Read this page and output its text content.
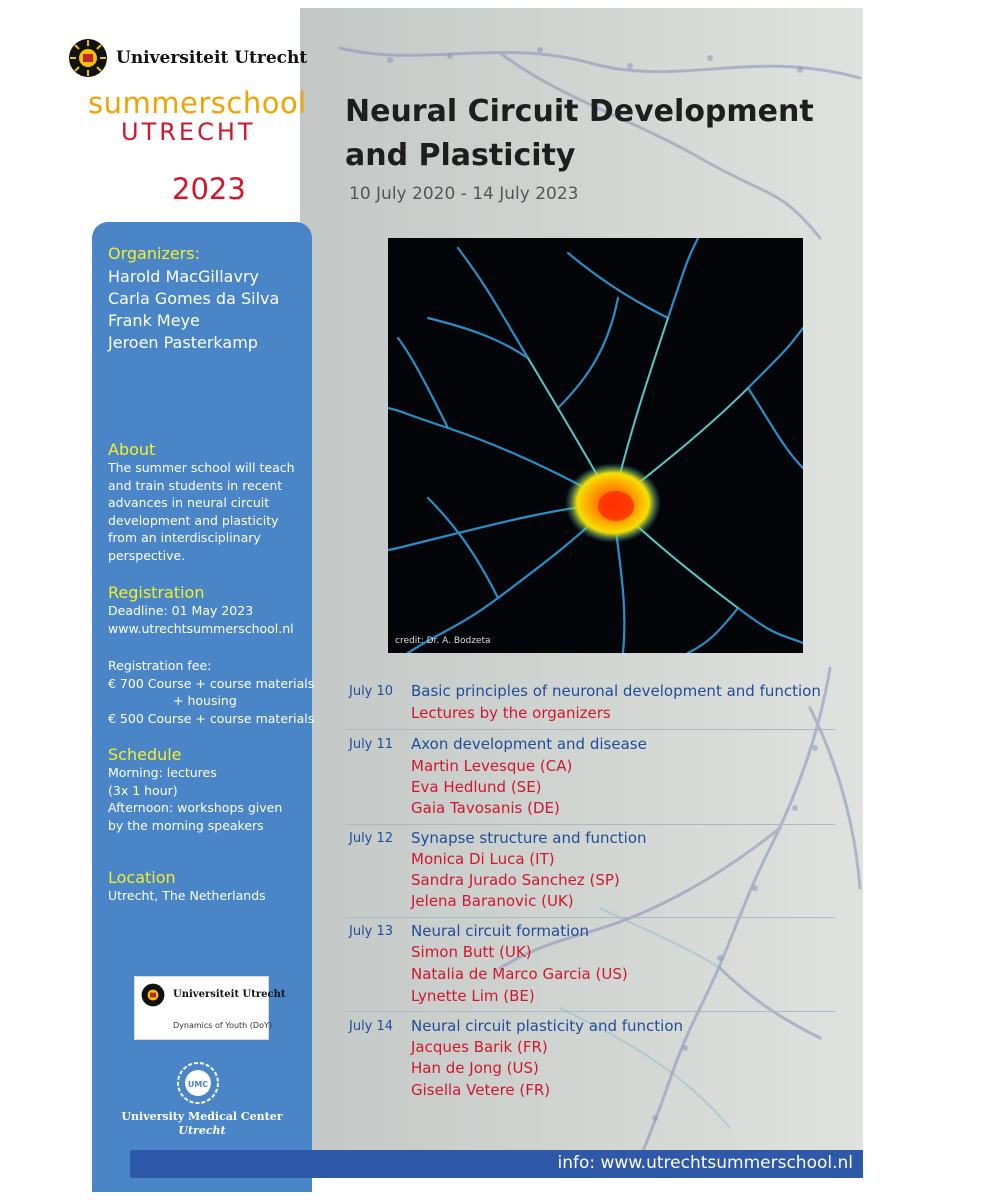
Universiteit Utrecht
summerschool
UTRECHT
2023
Organizers:
Harold MacGillavry
Carla Gomes da Silva
Frank Meye
Jeroen Pasterkamp
About
The summer school will teach
and train students in recent
advances in neural circuit
development and plasticity
from an interdisciplinary
perspective.
Registration
Deadline: 01 May 2023
www.utrechtsummerschool.nl
Registration fee:
€ 700 Course + course materials
+ housing
€ 500 Course + course materials
Schedule
Morning: lectures
(3x 1 hour)
Afternoon: workshops given
by the morning speakers
Location
Utrecht, The Netherlands
Universiteit Utrecht
Dynamics of Youth (DoY)
UMC
University Medical Center
Utrecht
Neural Circuit Development
and Plasticity
10 July 2020 - 14 July 2023
credit: Dr. A. Bodzeta
July 10 Basic principles of neuronal development and function
Lectures by the organizers
July 11 Axon development and disease
Martin Levesque (CA)
Eva Hedlund (SE)
Gaia Tavosanis (DE)
July 12 Synapse structure and function
Monica Di Luca (IT)
Sandra Jurado Sanchez (SP)
Jelena Baranovic (UK)
July 13 Neural circuit formation
Simon Butt (UK)
Natalia de Marco Garcia (US)
Lynette Lim (BE)
July 14 Neural circuit plasticity and function
Jacques Barik (FR)
Han de Jong (US)
Gisella Vetere (FR)
info: www.utrechtsummerschool.nl
